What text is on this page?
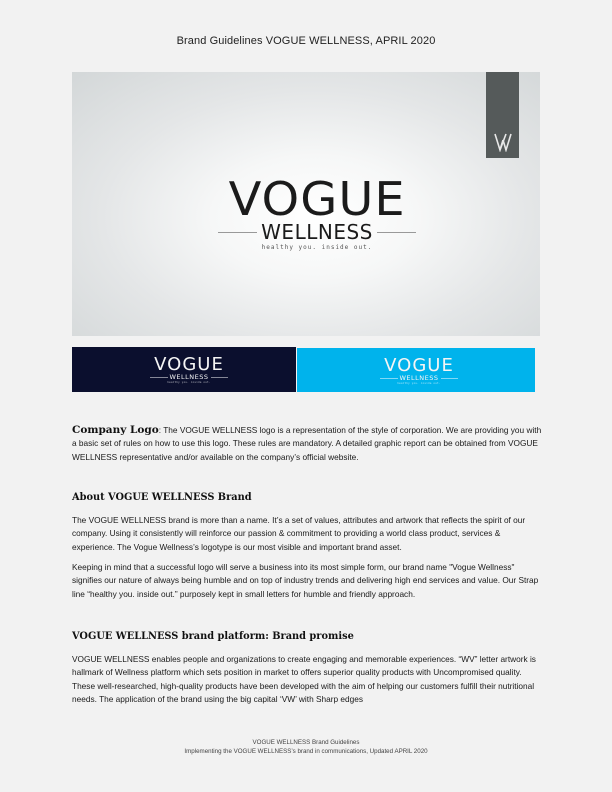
Brand Guidelines VOGUE WELLNESS, APRIL 2020
VOGUE
WELLNESS
healthy you. inside out.
VOGUE
WELLNESS
healthy you. inside out.
VOGUE
WELLNESS
healthy you. inside out.

Company Logo: The VOGUE WELLNESS logo is a representation of the style of corporation. We are providing you with a basic set of rules on how to use this logo. These rules are mandatory. A detailed graphic report can be obtained from VOGUE WELLNESS representative and/or available on the company’s official website.

About VOGUE WELLNESS Brand

The VOGUE WELLNESS brand is more than a name. It’s a set of values, attributes and artwork that reflects the spirit of our company. Using it consistently will reinforce our passion & commitment to providing a world class product, services & experience. The Vogue Wellness’s logotype is our most visible and important brand asset.

Keeping in mind that a successful logo will serve a business into its most simple form, our brand name "Vogue Wellness" signifies our nature of always being humble and on top of industry trends and delivering high end services and value. Our Strap line “healthy you. inside out.” purposely kept in small letters for humble and friendly approach.

VOGUE WELLNESS brand platform: Brand promise

VOGUE WELLNESS enables people and organizations to create engaging and memorable experiences. “WV” letter artwork is hallmark of Wellness platform which sets position in market to offers superior quality products with Uncompromised quality. These well-researched, high-quality products have been developed with the aim of helping our customers fulfill their nutritional needs. The application of the brand using the big capital ‘VW’ with Sharp edges

VOGUE WELLNESS Brand Guidelines
Implementing the VOGUE WELLNESS’s brand in communications, Updated APRIL 2020
